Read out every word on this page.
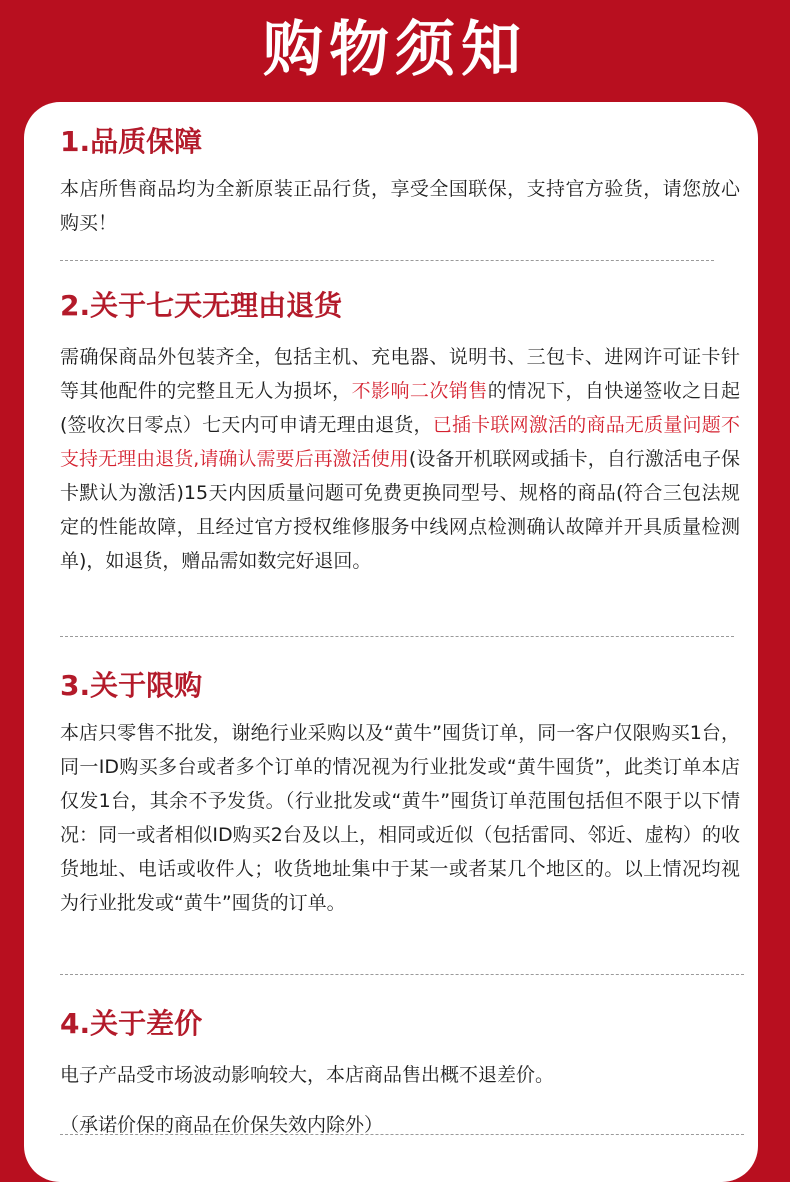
购物须知
1.品质保障

本店所售商品均为全新原装正品行货，享受全国联保，支持官方验货，请您放心购买！

2.关于七天无理由退货

需确保商品外包装齐全，包括主机、充电器、说明书、三包卡、进网许可证卡针等其他配件的完整且无人为损坏，不影响二次销售的情况下，自快递签收之日起(签收次日零点）七天内可申请无理由退货，已插卡联网激活的商品无质量问题不支持无理由退货,请确认需要后再激活使用(设备开机联网或插卡，自行激活电子保卡默认为激活)15天内因质量问题可免费更换同型号、规格的商品(符合三包法规定的性能故障，且经过官方授权维修服务中线网点检测确认故障并开具质量检测单)，如退货，赠品需如数完好退回。

3.关于限购

本店只零售不批发，谢绝行业采购以及“黄牛”囤货订单，同一客户仅限购买1台，同一ID购买多台或者多个订单的情况视为行业批发或“黄牛囤货”，此类订单本店仅发1台，其余不予发货。（行业批发或“黄牛”囤货订单范围包括但不限于以下情况：同一或者相似ID购买2台及以上，相同或近似（包括雷同、邻近、虚构）的收货地址、电话或收件人；收货地址集中于某一或者某几个地区的。以上情况均视为行业批发或“黄牛”囤货的订单。

4.关于差价

电子产品受市场波动影响较大，本店商品售出概不退差价。

（承诺价保的商品在价保失效内除外）
